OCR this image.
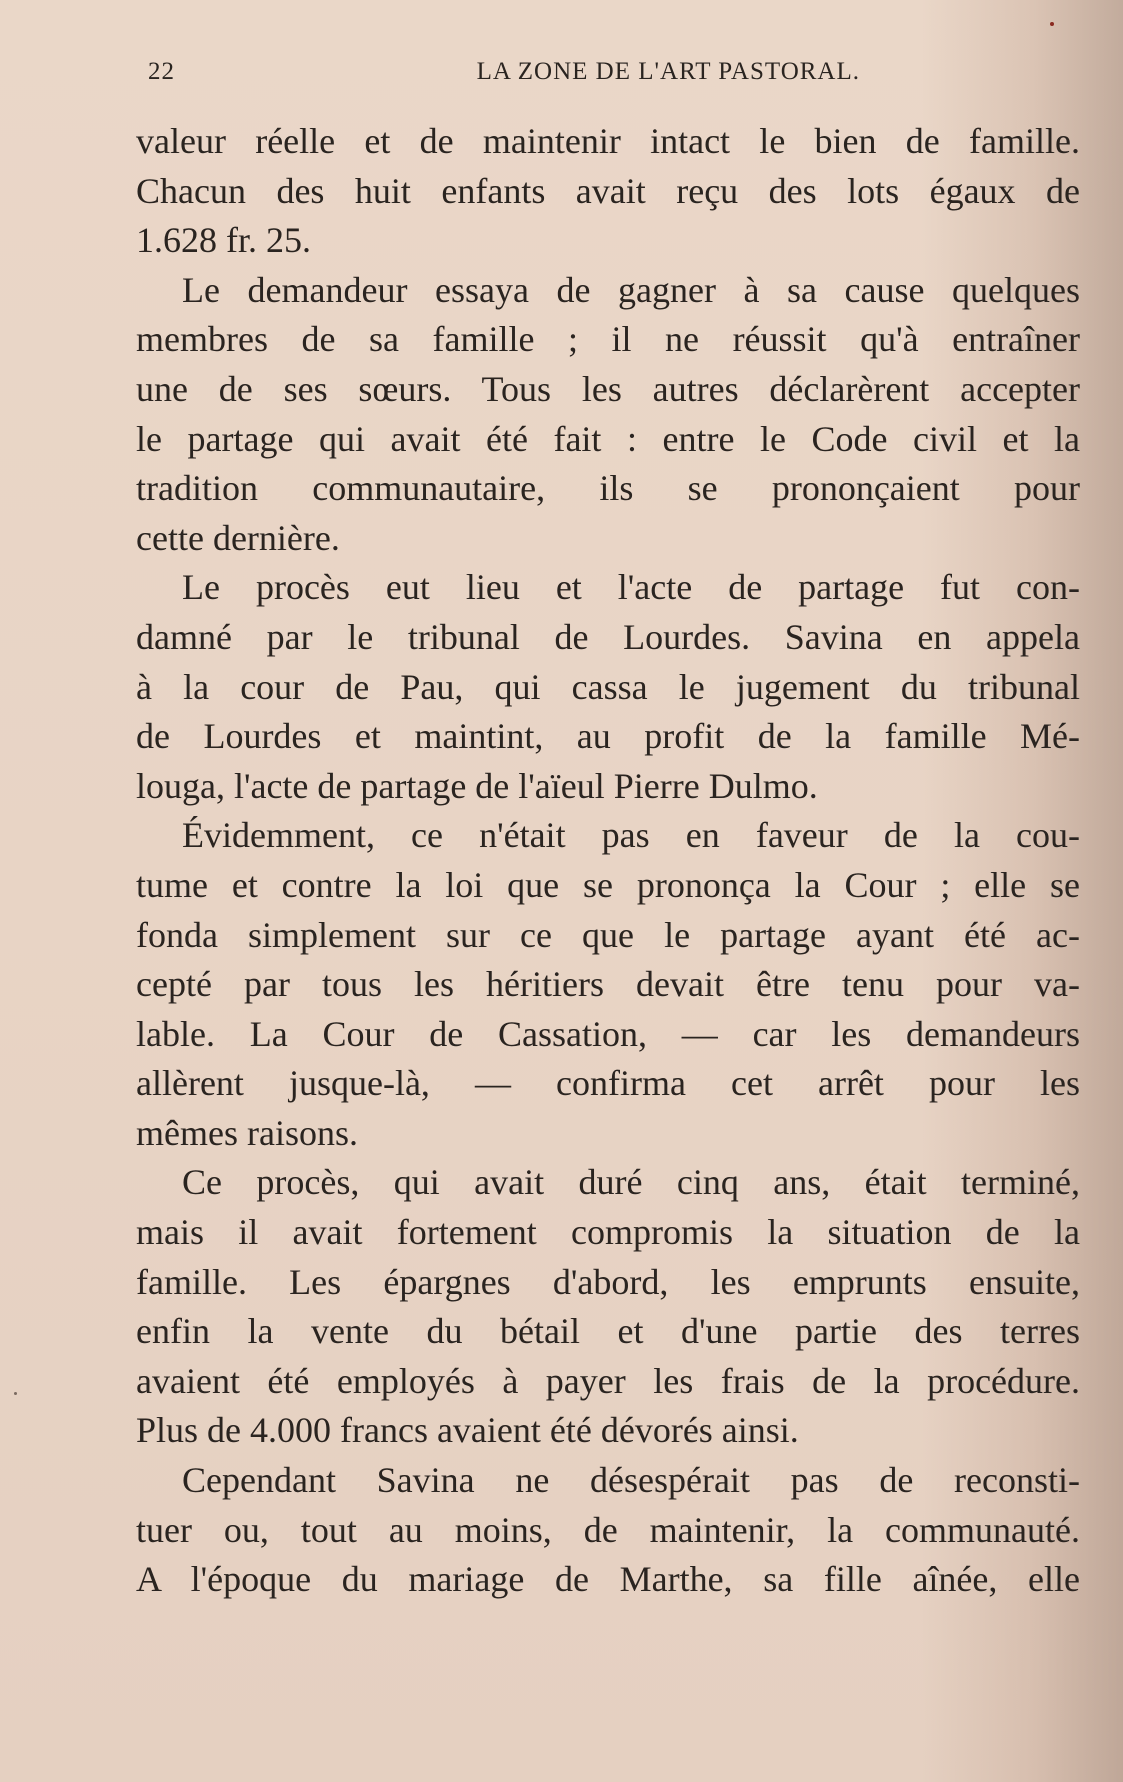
22	LA ZONE DE L'ART PASTORAL.
valeur réelle et de maintenir intact le bien de famille.
Chacun des huit enfants avait reçu des lots égaux de
1.628 fr. 25.
Le demandeur essaya de gagner à sa cause quelques
membres de sa famille ; il ne réussit qu'à entraîner
une de ses sœurs. Tous les autres déclarèrent accepter
le partage qui avait été fait : entre le Code civil et la
tradition communautaire, ils se prononçaient pour
cette dernière.
Le procès eut lieu et l'acte de partage fut con-
damné par le tribunal de Lourdes. Savina en appela
à la cour de Pau, qui cassa le jugement du tribunal
de Lourdes et maintint, au profit de la famille Mé-
louga, l'acte de partage de l'aïeul Pierre Dulmo.
Évidemment, ce n'était pas en faveur de la cou-
tume et contre la loi que se prononça la Cour ; elle se
fonda simplement sur ce que le partage ayant été ac-
cepté par tous les héritiers devait être tenu pour va-
lable. La Cour de Cassation, — car les demandeurs
allèrent jusque-là, — confirma cet arrêt pour les
mêmes raisons.
Ce procès, qui avait duré cinq ans, était terminé,
mais il avait fortement compromis la situation de la
famille. Les épargnes d'abord, les emprunts ensuite,
enfin la vente du bétail et d'une partie des terres
avaient été employés à payer les frais de la procédure.
Plus de 4.000 francs avaient été dévorés ainsi.
Cependant Savina ne désespérait pas de reconsti-
tuer ou, tout au moins, de maintenir, la communauté.
A l'époque du mariage de Marthe, sa fille aînée, elle
